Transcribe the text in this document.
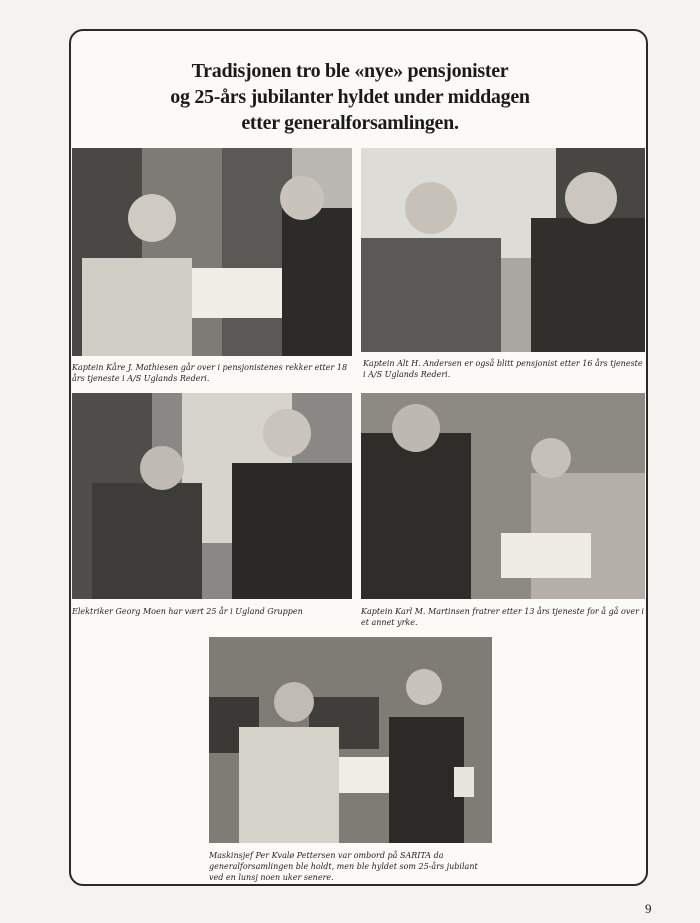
Tradisjonen tro ble «nye» pensjonister
og 25-års jubilanter hyldet under middagen
etter generalforsamlingen.
Kaptein Kåre J. Mathiesen går over i pensjonistenes rekker etter 18 års tjeneste i A/S Uglands Rederi.
Kaptein Alt H. Andersen er også blitt pensjonist etter 16 års tjeneste i A/S Uglands Rederi.
Elektriker Georg Moen har vært 25 år i Ugland Gruppen	Kaptein Karl M. Martinsen fratrer etter 13 års tjeneste for å gå over i et annet yrke.
Maskinsjef Per Kvalø Pettersen var ombord på SARITA da generalforsamlingen ble holdt, men ble hyldet som 25-års jubilant ved en lunsj noen uker senere.
9
